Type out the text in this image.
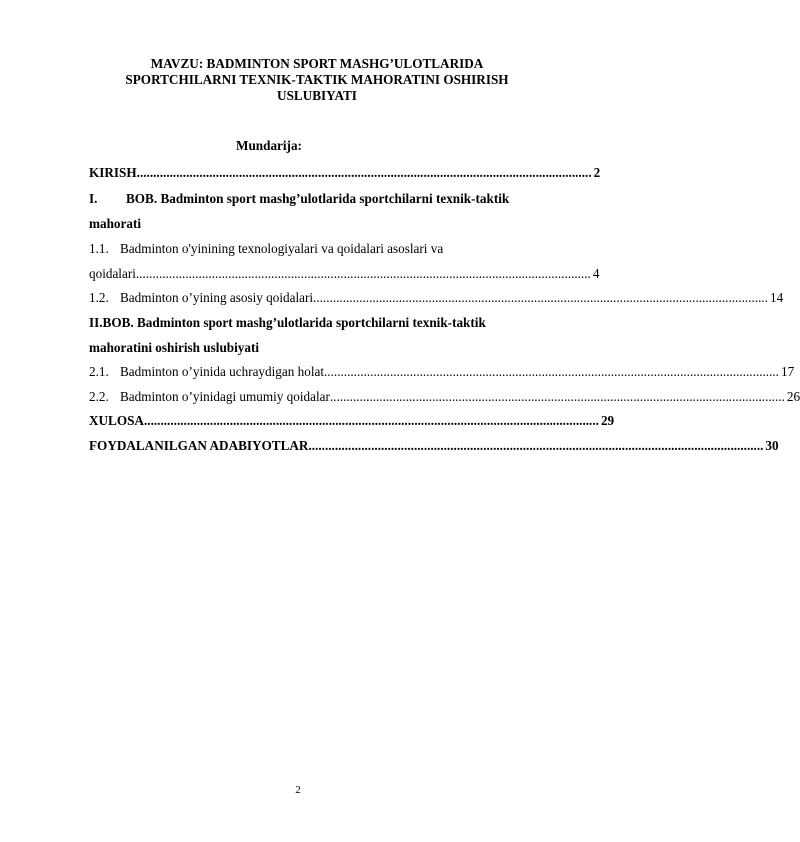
MAVZU: BADMINTON SPORT MASHG’ULOTLARIDA
SPORTCHILARNI TEXNIK-TAKTIK MAHORATINI OSHIRISH
USLUBIYATI
Mundarija:
KIRISH .......................................................................................................................................... 2
I. BOB. Badminton sport mashg’ulotlarida sportchilarni texnik-taktik
mahorati
1.1. Badminton o'yinining texnologiyalari va qoidalari asoslari va
qoidalari .......................................................................................................................................... 4
1.2. Badminton o’yining asosiy qoidalari .......................................................................................................................................... 14
II.BOB. Badminton sport mashg’ulotlarida sportchilarni texnik-taktik
mahoratini oshirish uslubiyati
2.1. Badminton o’yinida uchraydigan holat .......................................................................................................................................... 17
2.2. Badminton o’yinidagi umumiy qoidalar .......................................................................................................................................... 26
XULOSA .......................................................................................................................................... 29
FOYDALANILGAN ADABIYOTLAR .......................................................................................................................................... 30
2
